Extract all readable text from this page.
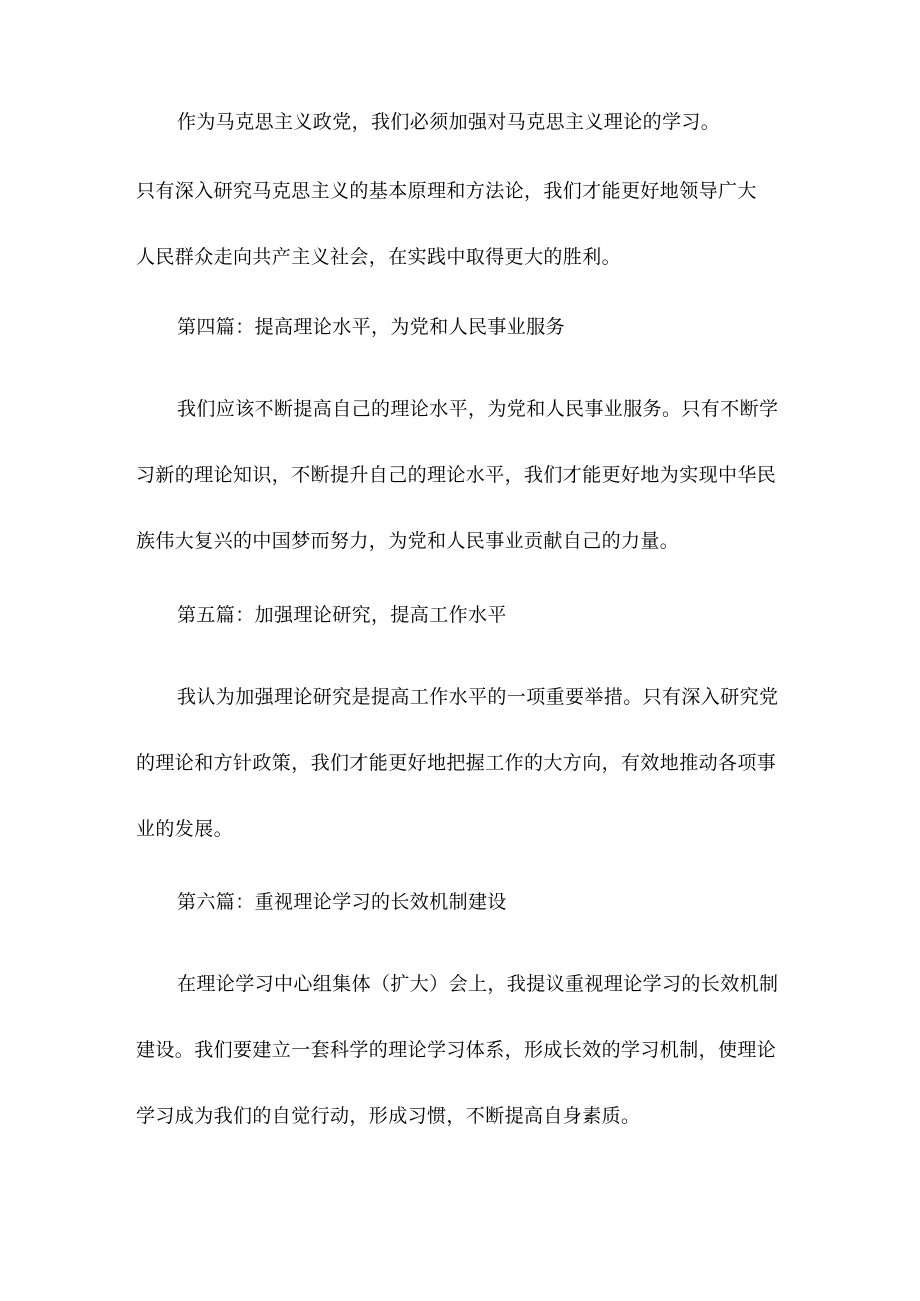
作为马克思主义政党，我们必须加强对马克思主义理论的学习。
只有深入研究马克思主义的基本原理和方法论，我们才能更好地领导广大
人民群众走向共产主义社会，在实践中取得更大的胜利。
第四篇：提高理论水平，为党和人民事业服务
我们应该不断提高自己的理论水平，为党和人民事业服务。只有不断学
习新的理论知识，不断提升自己的理论水平，我们才能更好地为实现中华民
族伟大复兴的中国梦而努力，为党和人民事业贡献自己的力量。
第五篇：加强理论研究，提高工作水平
我认为加强理论研究是提高工作水平的一项重要举措。只有深入研究党
的理论和方针政策，我们才能更好地把握工作的大方向，有效地推动各项事
业的发展。
第六篇：重视理论学习的长效机制建设
在理论学习中心组集体（扩大）会上，我提议重视理论学习的长效机制
建设。我们要建立一套科学的理论学习体系，形成长效的学习机制，使理论
学习成为我们的自觉行动，形成习惯，不断提高自身素质。
